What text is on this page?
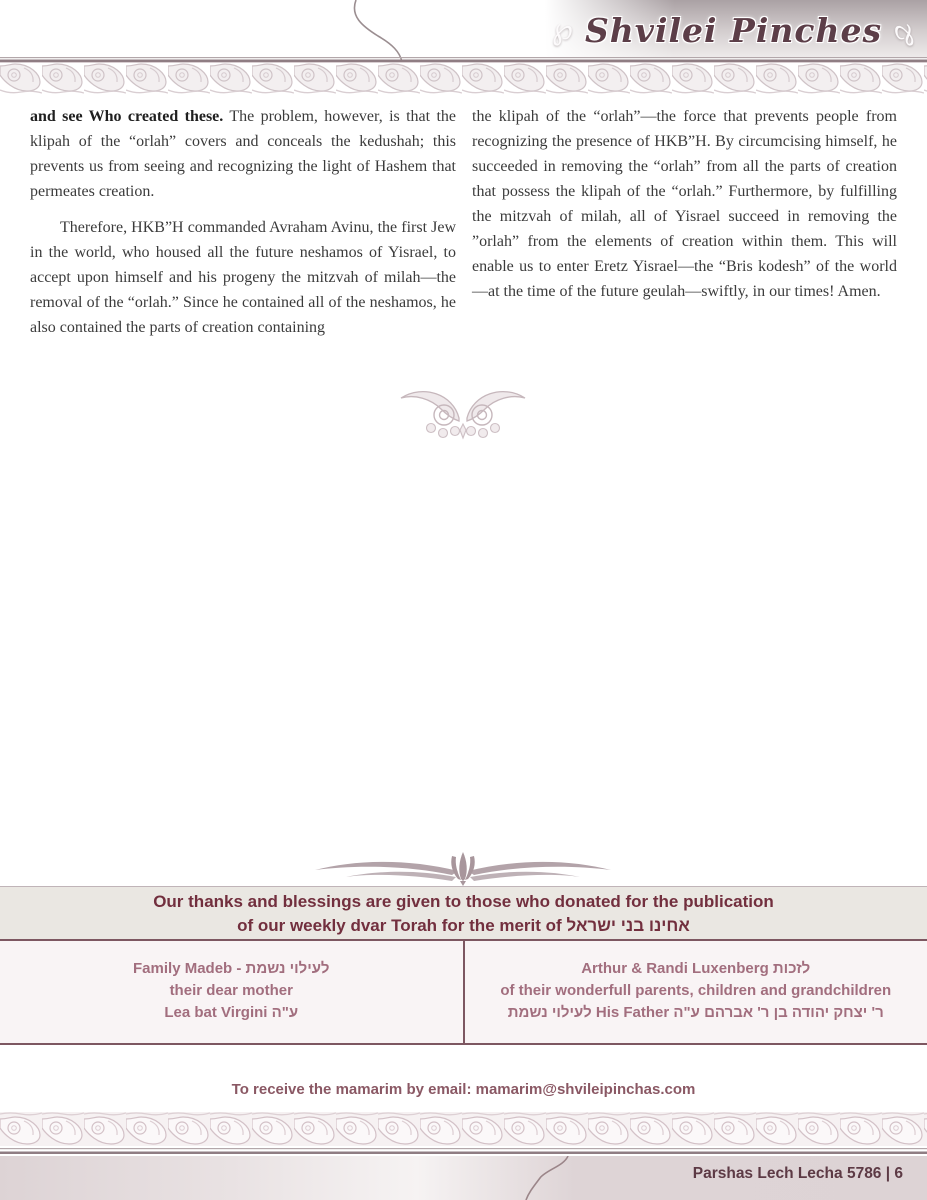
℘ Shvilei Pinches ℘

and see Who created these. The problem, however, is that the klipah of the “orlah” covers and conceals the kedushah; this prevents us from seeing and recognizing the light of Hashem that permeates creation.

Therefore, HKB”H commanded Avraham Avinu, the first Jew in the world, who housed all the future neshamos of Yisrael, to accept upon himself and his progeny the mitzvah of milah—the removal of the “orlah.” Since he contained all of the neshamos, he also contained the parts of creation containing

the klipah of the “orlah”—the force that prevents people from recognizing the presence of HKB”H. By circumcising himself, he succeeded in removing the “orlah” from all the parts of creation that possess the klipah of the “orlah.” Furthermore, by fulfilling the mitzvah of milah, all of Yisrael succeed in removing the ”orlah” from the elements of creation within them. This will enable us to enter Eretz Yisrael—the “Bris kodesh” of the world—at the time of the future geulah—swiftly, in our times! Amen.

Our thanks and blessings are given to those who donated for the publication
of our weekly dvar Torah for the merit of אחינו בני ישראל
Family Madeb - לעילוי נשמת
their dear mother
Lea bat Virgini ע"ה
Arthur & Randi Luxenberg לזכות
of their wonderfull parents, children and grandchildren
לעילוי נשמת His Father ר' יצחק יהודה בן ר' אברהם ע"ה
To receive the mamarim by email: mamarim@shvileipinchas.com
Parshas Lech Lecha 5786 | 6
